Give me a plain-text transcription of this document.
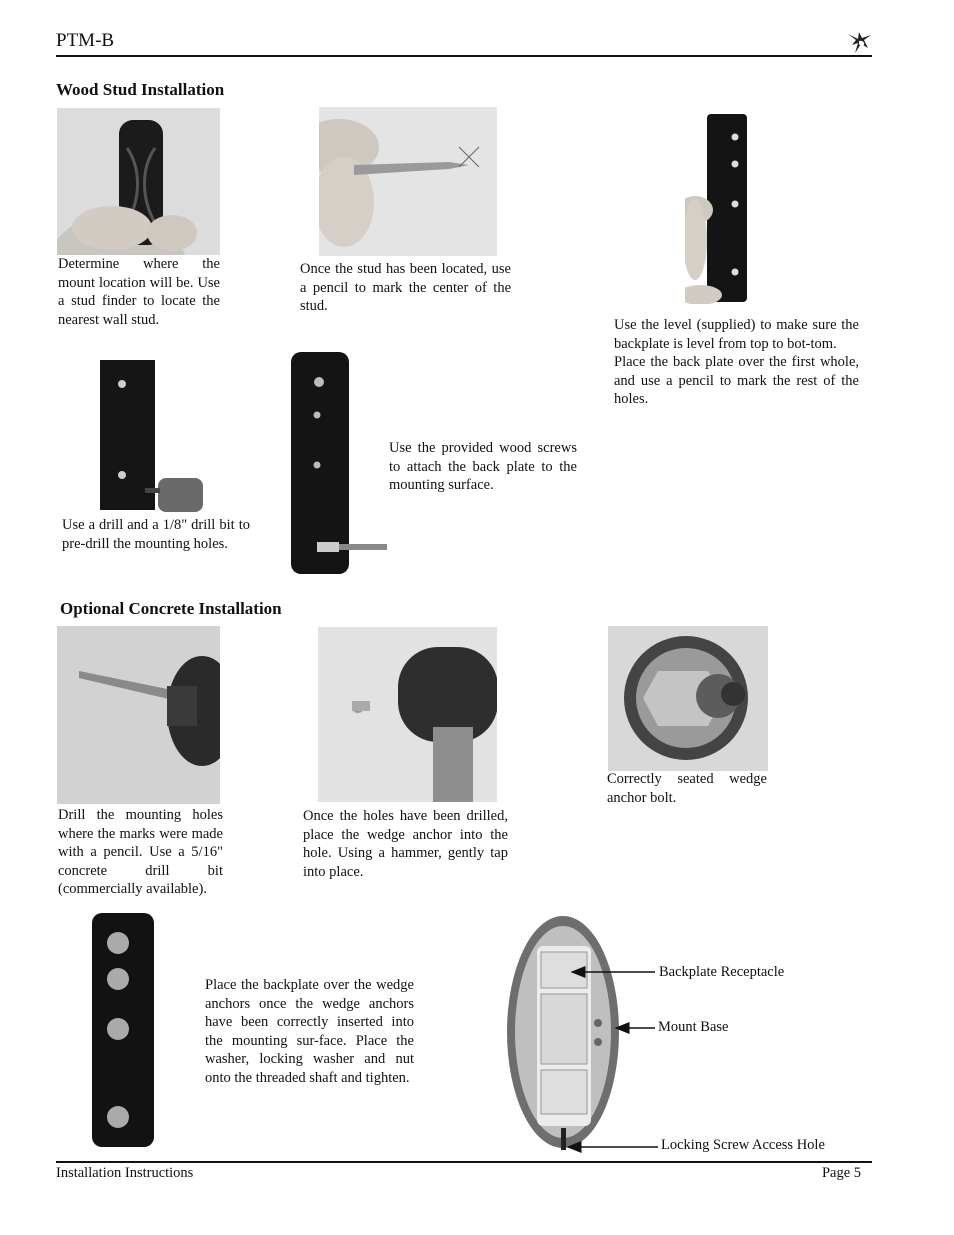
PTM-B
Wood Stud Installation
Determine where the mount location will be. Use a stud finder to locate the nearest wall stud.
Once the stud has been located, use a pencil to mark the center of the stud.
Use the level (supplied) to make sure the backplate is level from top to bot-tom.
Place the back plate over the first whole, and use a pencil to mark the rest of the holes.
Use a drill and a 1/8" drill bit to pre-drill the mounting holes.
Use the provided wood screws to attach the back plate to the mounting surface.
Optional Concrete Installation
Drill the mounting holes where the marks were made with a pencil. Use a 5/16" concrete drill bit (commercially available).
Once the holes have been drilled, place the wedge anchor into the hole. Using a hammer, gently tap into place.
Correctly seated wedge anchor bolt.
Place the backplate over the wedge anchors once the wedge anchors have been correctly inserted into the mounting sur-face. Place the washer, locking washer and nut onto the threaded shaft and tighten.
Backplate Receptacle
Mount Base
Locking Screw Access Hole
Installation Instructions	Page 5
